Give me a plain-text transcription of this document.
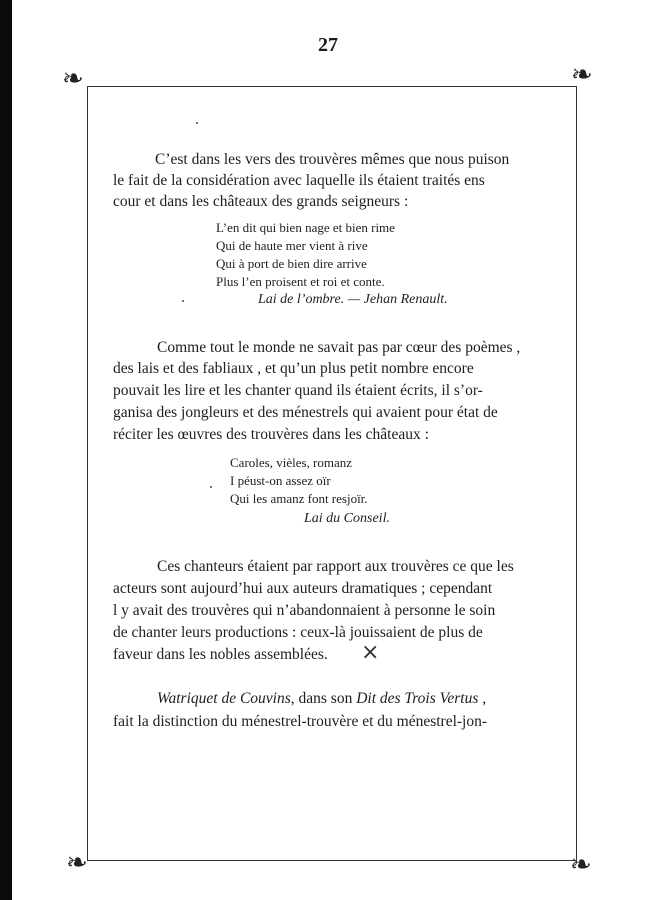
27
❧	❧
❧	❧
C’est dans les vers des trouvères mêmes que nous puison
le fait de la considération avec laquelle ils étaient traités ens
cour et dans les châteaux des grands seigneurs :
L’en dit qui bien nage et bien rime
Qui de haute mer vient à rive
Qui à port de bien dire arrive
Plus l’en proisent et roi et conte.
Lai de l’ombre. — Jehan Renault.
Comme tout le monde ne savait pas par cœur des poèmes ,
des lais et des fabliaux , et qu’un plus petit nombre encore
pouvait les lire et les chanter quand ils étaient écrits, il s’or-
ganisa des jongleurs et des ménestrels qui avaient pour état de
réciter les œuvres des trouvères dans les châteaux :
Caroles, vièles, romanz
I péust-on assez oïr
Qui les amanz font resjoïr.
Lai du Conseil.
Ces chanteurs étaient par rapport aux trouvères ce que les
acteurs sont aujourd’hui aux auteurs dramatiques ; cependant
l y avait des trouvères qui n’abandonnaient à personne le soin
de chanter leurs productions : ceux-là jouissaient de plus de
faveur dans les nobles assemblées. ×
Watriquet de Couvins, dans son Dit des Trois Vertus ,
fait la distinction du ménestrel-trouvère et du ménestrel-jon-
